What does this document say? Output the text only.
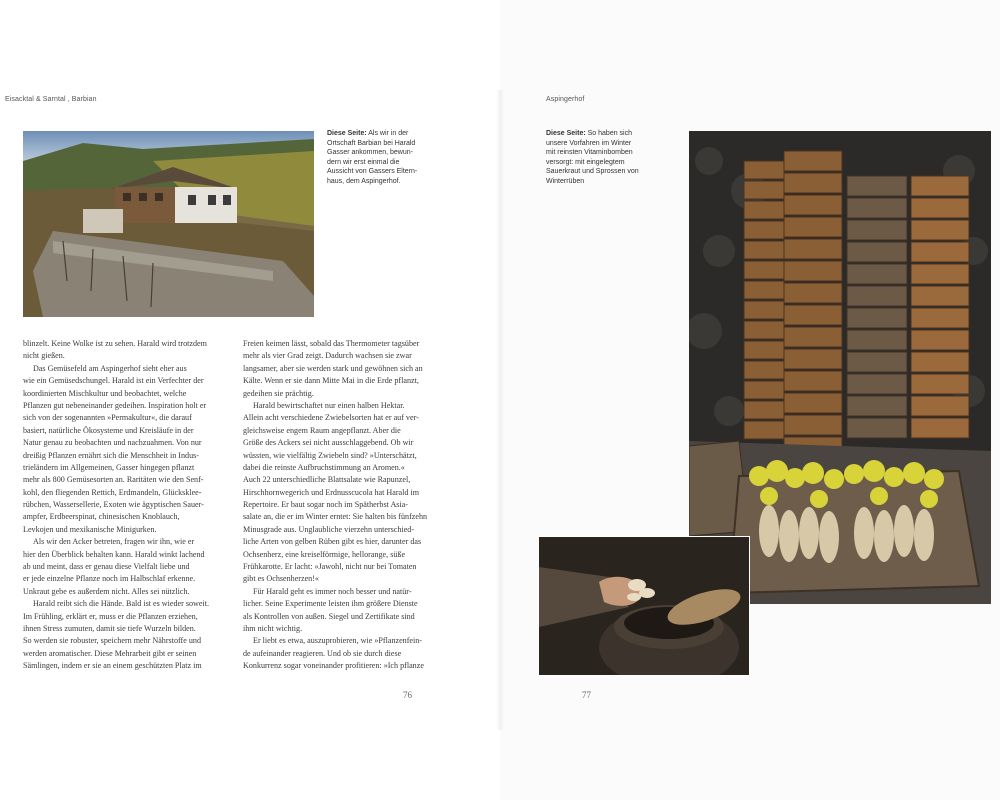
Eisacktal & Sarntal , Barbian
Diese Seite: Als wir in der
Ortschaft Barbian bei Harald
Gasser ankommen, bewun-
dern wir erst einmal die
Aussicht von Gassers Eltern-
haus, dem Aspingerhof.
blinzelt. Keine Wolke ist zu sehen. Harald wird trotzdem
nicht gießen.
Das Gemüsefeld am Aspingerhof sieht eher aus
wie ein Gemüsedschungel. Harald ist ein Verfechter der
koordinierten Mischkultur und beobachtet, welche
Pflanzen gut nebeneinander gedeihen. Inspiration holt er
sich von der sogenannten »Permakultur«, die darauf
basiert, natürliche Ökosysteme und Kreisläufe in der
Natur genau zu beobachten und nachzuahmen. Von nur
dreißig Pflanzen ernährt sich die Menschheit in Indus-
trieländern im Allgemeinen, Gasser hingegen pflanzt
mehr als 800 Gemüsesorten an. Raritäten wie den Senf-
kohl, den fliegenden Rettich, Erdmandeln, Glücksklee-
rübchen, Wassersellerie, Exoten wie ägyptischen Sauer-
ampfer, Erdbeerspinat, chinesischen Knoblauch,
Levkojen und mexikanische Minigurken.
Als wir den Acker betreten, fragen wir ihn, wie er
hier den Überblick behalten kann. Harald winkt lachend
ab und meint, dass er genau diese Vielfalt liebe und
er jede einzelne Pflanze noch im Halbschlaf erkenne.
Unkraut gebe es außerdem nicht. Alles sei nützlich.
Harald reibt sich die Hände. Bald ist es wieder soweit.
Im Frühling, erklärt er, muss er die Pflanzen erziehen,
ihnen Stress zumuten, damit sie tiefe Wurzeln bilden.
So werden sie robuster, speichern mehr Nährstoffe und
werden aromatischer. Diese Mehrarbeit gibt er seinen
Sämlingen, indem er sie an einem geschützten Platz im
Freien keimen lässt, sobald das Thermometer tagsüber
mehr als vier Grad zeigt. Dadurch wachsen sie zwar
langsamer, aber sie werden stark und gewöhnen sich an
Kälte. Wenn er sie dann Mitte Mai in die Erde pflanzt,
gedeihen sie prächtig.
Harald bewirtschaftet nur einen halben Hektar.
Allein acht verschiedene Zwiebelsorten hat er auf ver-
gleichsweise engem Raum angepflanzt. Aber die
Größe des Ackers sei nicht ausschlaggebend. Ob wir
wüssten, wie vielfältig Zwiebeln sind? »Unterschätzt,
dabei die reinste Aufbruchstimmung an Aromen.«
Auch 22 unterschiedliche Blattsalate wie Rapunzel,
Hirschhornwegerich und Erdnusscucola hat Harald im
Repertoire. Er baut sogar noch im Spätherbst Asia-
salate an, die er im Winter erntet: Sie halten bis fünfzehn
Minusgrade aus. Unglaubliche vierzehn unterschied-
liche Arten von gelben Rüben gibt es hier, darunter das
Ochsenherz, eine kreiselförmige, hellorange, süße
Frühkarotte. Er lacht: »Jawohl, nicht nur bei Tomaten
gibt es Ochsenherzen!«
Für Harald geht es immer noch besser und natür-
licher. Seine Experimente leisten ihm größere Dienste
als Kontrollen von außen. Siegel und Zertifikate sind
ihm nicht wichtig.
Er liebt es etwa, auszuprobieren, wie »Pflanzenfein-
de aufeinander reagieren. Und ob sie durch diese
Konkurrenz sogar voneinander profitieren: »Ich pflanze
76
Aspingerhof
Diese Seite: So haben sich
unsere Vorfahren im Winter
mit reinsten Vitaminbomben
versorgt: mit eingelegtem
Sauerkraut und Sprossen von
Winterrüben
77
